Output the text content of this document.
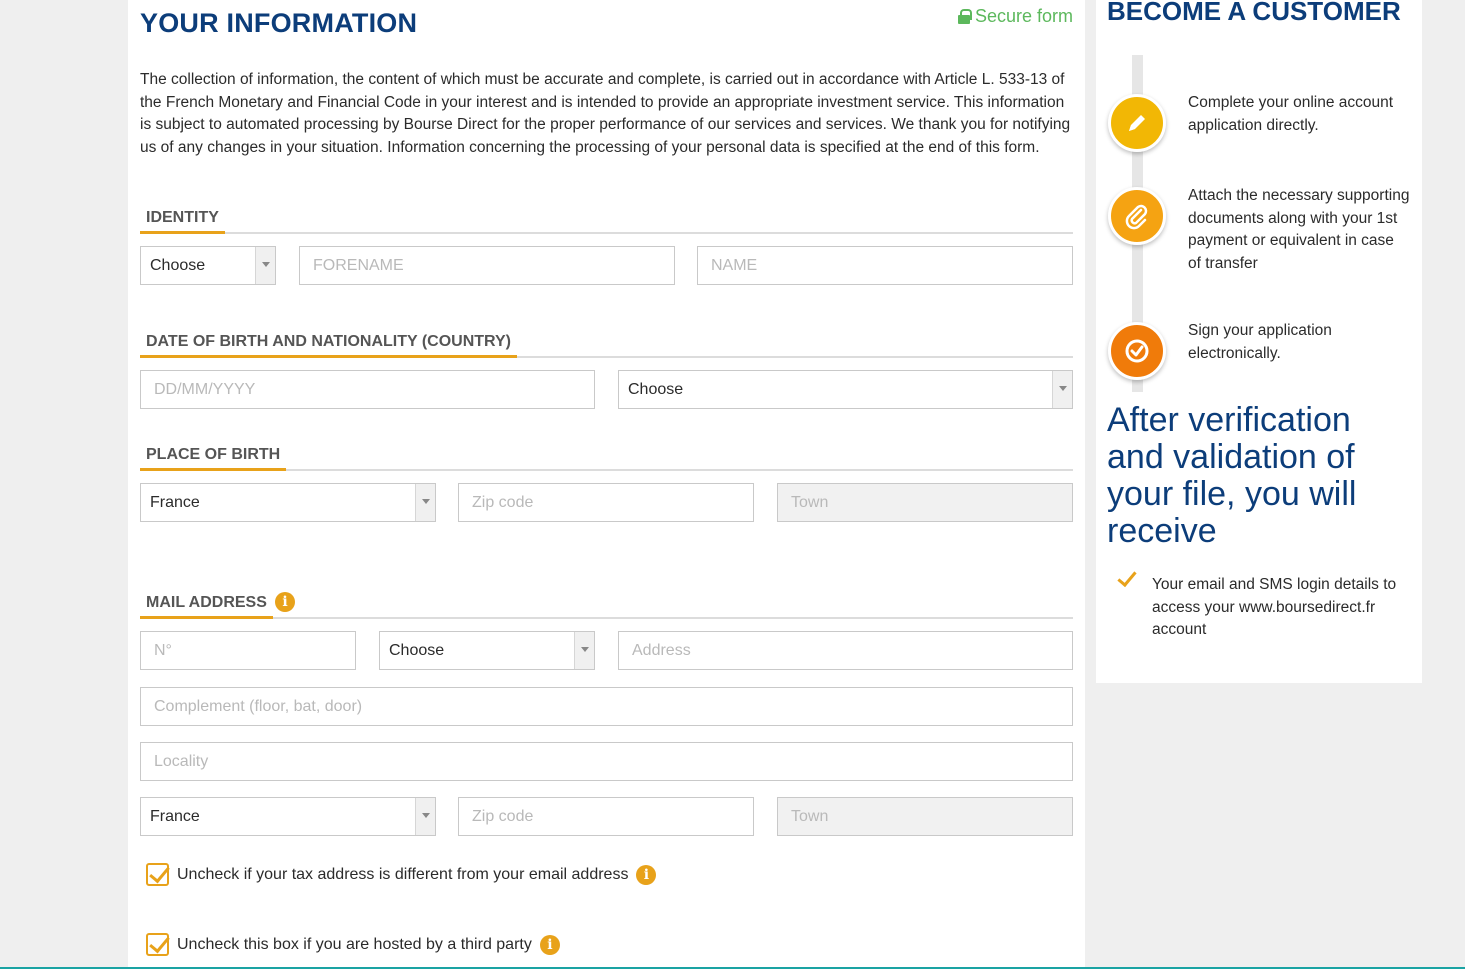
YOUR INFORMATION	Secure form

The collection of information, the content of which must be accurate and complete, is carried out in accordance with Article L. 533-13 of the French Monetary and Financial Code in your interest and is intended to provide an appropriate investment service. This information is subject to automated processing by Bourse Direct for the proper performance of our services and services. We thank you for notifying us of any changes in your situation. Information concerning the processing of your personal data is specified at the end of this form.

IDENTITY
Choose	FORENAME	NAME
DATE OF BIRTH AND NATIONALITY (COUNTRY)
DD/MM/YYYY	Choose
PLACE OF BIRTH
France	Zip code	Town
MAIL ADDRESS	i
N°	Choose	Address
Complement (floor, bat, door)
Locality
France	Zip code	Town
Uncheck if your tax address is different from your email address	i
Uncheck this box if you are hosted by a third party	i
BECOME A CUSTOMER
Complete your online account application directly.
Attach the necessary supporting documents along with your 1st payment or equivalent in case of transfer
Sign your application electronically.
After verification and validation of your file, you will receive
Your email and SMS login details to access your www.boursedirect.fr account
